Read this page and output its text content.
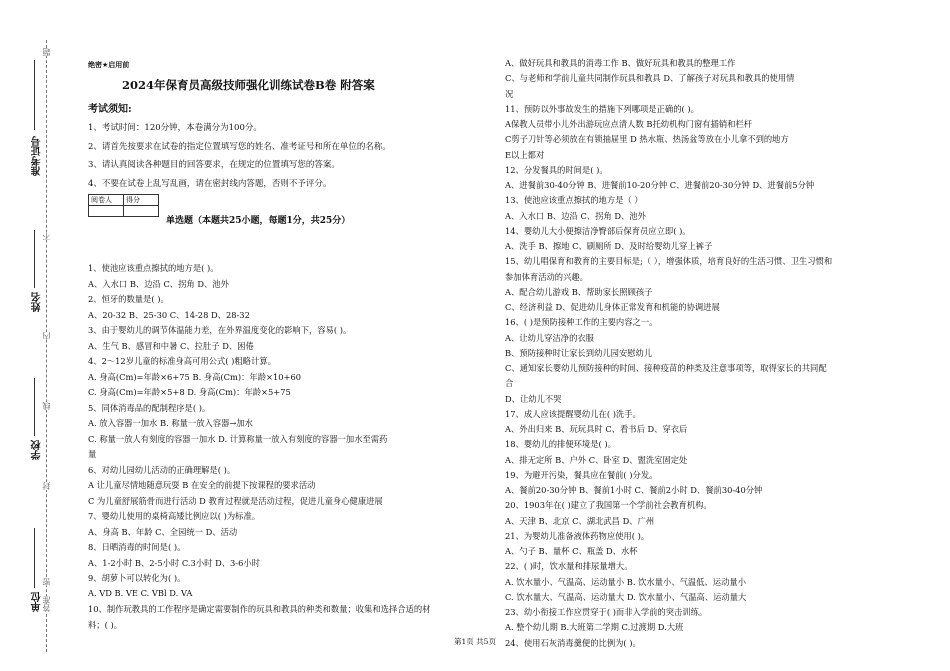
题
不
内
线
封
密
准
答
准考证号
姓名
学校
单位
绝密★启用前
2024年保育员高级技师强化训练试卷B卷 附答案
考试须知:
1、考试时间：120分钟，本卷满分为100分。
2、请首先按要求在试卷的指定位置填写您的姓名、准考证号和所在单位的名称。
3、请认真阅读各种题目的回答要求，在规定的位置填写您的答案。
4、不要在试卷上乱写乱画，请在密封线内答题，否则不予评分。
阅卷人	得分

单选题（本题共25小题，每题1分，共25分）
1、使池应该重点擦拭的地方是( )。
A、入水口 B、边沿 C、拐角 D、池外
2、恒牙的数量是( )。
A、20-32 B、25-30 C、14-28 D、28-32
3、由于婴幼儿的调节体温能力差，在外界温度变化的影响下，容易( )。
A、生气 B、感冒和中暑 C、拉肚子 D、困倦
4、2～12岁儿童的标准身高可用公式( )粗略计算。
A. 身高(Cm)=年龄×6+75 B. 身高(Cm)：年龄×10+60
C. 身高(Cm)=年龄×5+8 D. 身高(Cm)：年龄×5+75
5、同体消毒品的配制程序是( )。
A. 放入容器一加水 B. 称量一放入容器→加水
C. 称量一放人有刻度的容器一加水 D. 计算称量一放入有刻度的容器一加水至需药
量
6、对幼儿园幼儿活动的正确理解是( )。
A 让儿童尽情地随意玩耍 B 在安全的前提下按课程的要求活动
C 为儿童舒展筋骨而进行活动 D 教育过程就是活动过程，促进儿童身心健康进展
7、婴幼儿使用的桌椅高矮比例应以( )为标准。
A、身高 B、年龄 C、全园统一 D、活动
8、日晒消毒的时间是( )。
A、1-2小时 B、2-5小时 C.3小时 D、3-6小时
9、胡萝卜可以转化为( )。
A. VD B. VE C. VBl D. VA
10、制作玩教具的工作程序是确定需要制作的玩具和教具的种类和数量；收集和选择合适的材
料；( )。
A、做好玩具和教具的消毒工作 B、做好玩具和教具的整理工作
C、与老师和学前儿童共同制作玩具和教具 D、了解孩子对玩具和教具的使用情
况
11、预防以外事故发生的措施下列哪项是正确的( )。
A保教人员带小儿外出游玩应点清人数 B托幼机构门窗有插销和栏杆
C剪子刀针等必须放在有锁抽屉里 D 热水瓶、热汤盆等放在小儿拿不到的地方
E以上都对
12、分发餐具的时间是( )。
A、进餐前30-40分钟 B、进餐前10-20分钟 C、进餐前20-30分钟 D、进餐前5分钟
13、使池应该重点擦拭的地方是（ ）
A、入水口 B、边沿 C、拐角 D、池外
14、婴幼儿大小便擦洁净臀部后保育员应立即( )。
A、洗手 B、擦地 C、刷厕所 D、及时给婴幼儿穿上裤子
15、幼儿唱保育和教育的主要目标是;（ ），增强体质，培育良好的生活习惯、卫生习惯和
参加体育活动的兴趣。
A、配合幼儿游戏 B、帮助家长照顾孩子
C、经济利益 D、促进幼儿身体正常发育和机能的协调进展
16、( )是预防接种工作的主要内容之一。
A、让幼儿穿洁净的衣服
B、预防接种时让家长到幼儿园安慰幼儿
C、通知家长婴幼儿预防接种的时间、接种疫苗的种类及注意事项等，取得家长的共同配
合
D、让幼儿不哭
17、成人应该提醒婴幼儿在( )洗手。
A、外出归来 B、玩玩具时 C、看书后 D、穿衣后
18、婴幼儿的排便环境是( )。
A、排无定所 B、户外 C、卧室 D、盥洗室固定处
19、为避开污染，餐具应在餐前( )分发。
A、餐前20-30分钟 B、餐前1小时 C、餐前2小时 D、餐前30-40分钟
20、1903年在( )建立了我国第一个学前社会教育机构。
A、天津 B、北京 C、湖北武昌 D、广州
21、为婴幼儿准备液体药物应使用( )。
A、勺子 B、量杯 C、瓶盖 D、水杯
22、( )时，饮水量和排尿量增大。
A. 饮水量小、气温高、运动量小 B. 饮水量小、气温低、运动量小
C. 饮水量大、气温高、运动量大 D. 饮水量小、气温高、运动量大
23、幼小衔接工作应贯穿于( )而非入学前的突击训练。
A. 整个幼儿期 B.大班第二学期 C.过渡期 D.大班
24、使用石灰消毒羹便的比例为( )。
第1页 共5页
